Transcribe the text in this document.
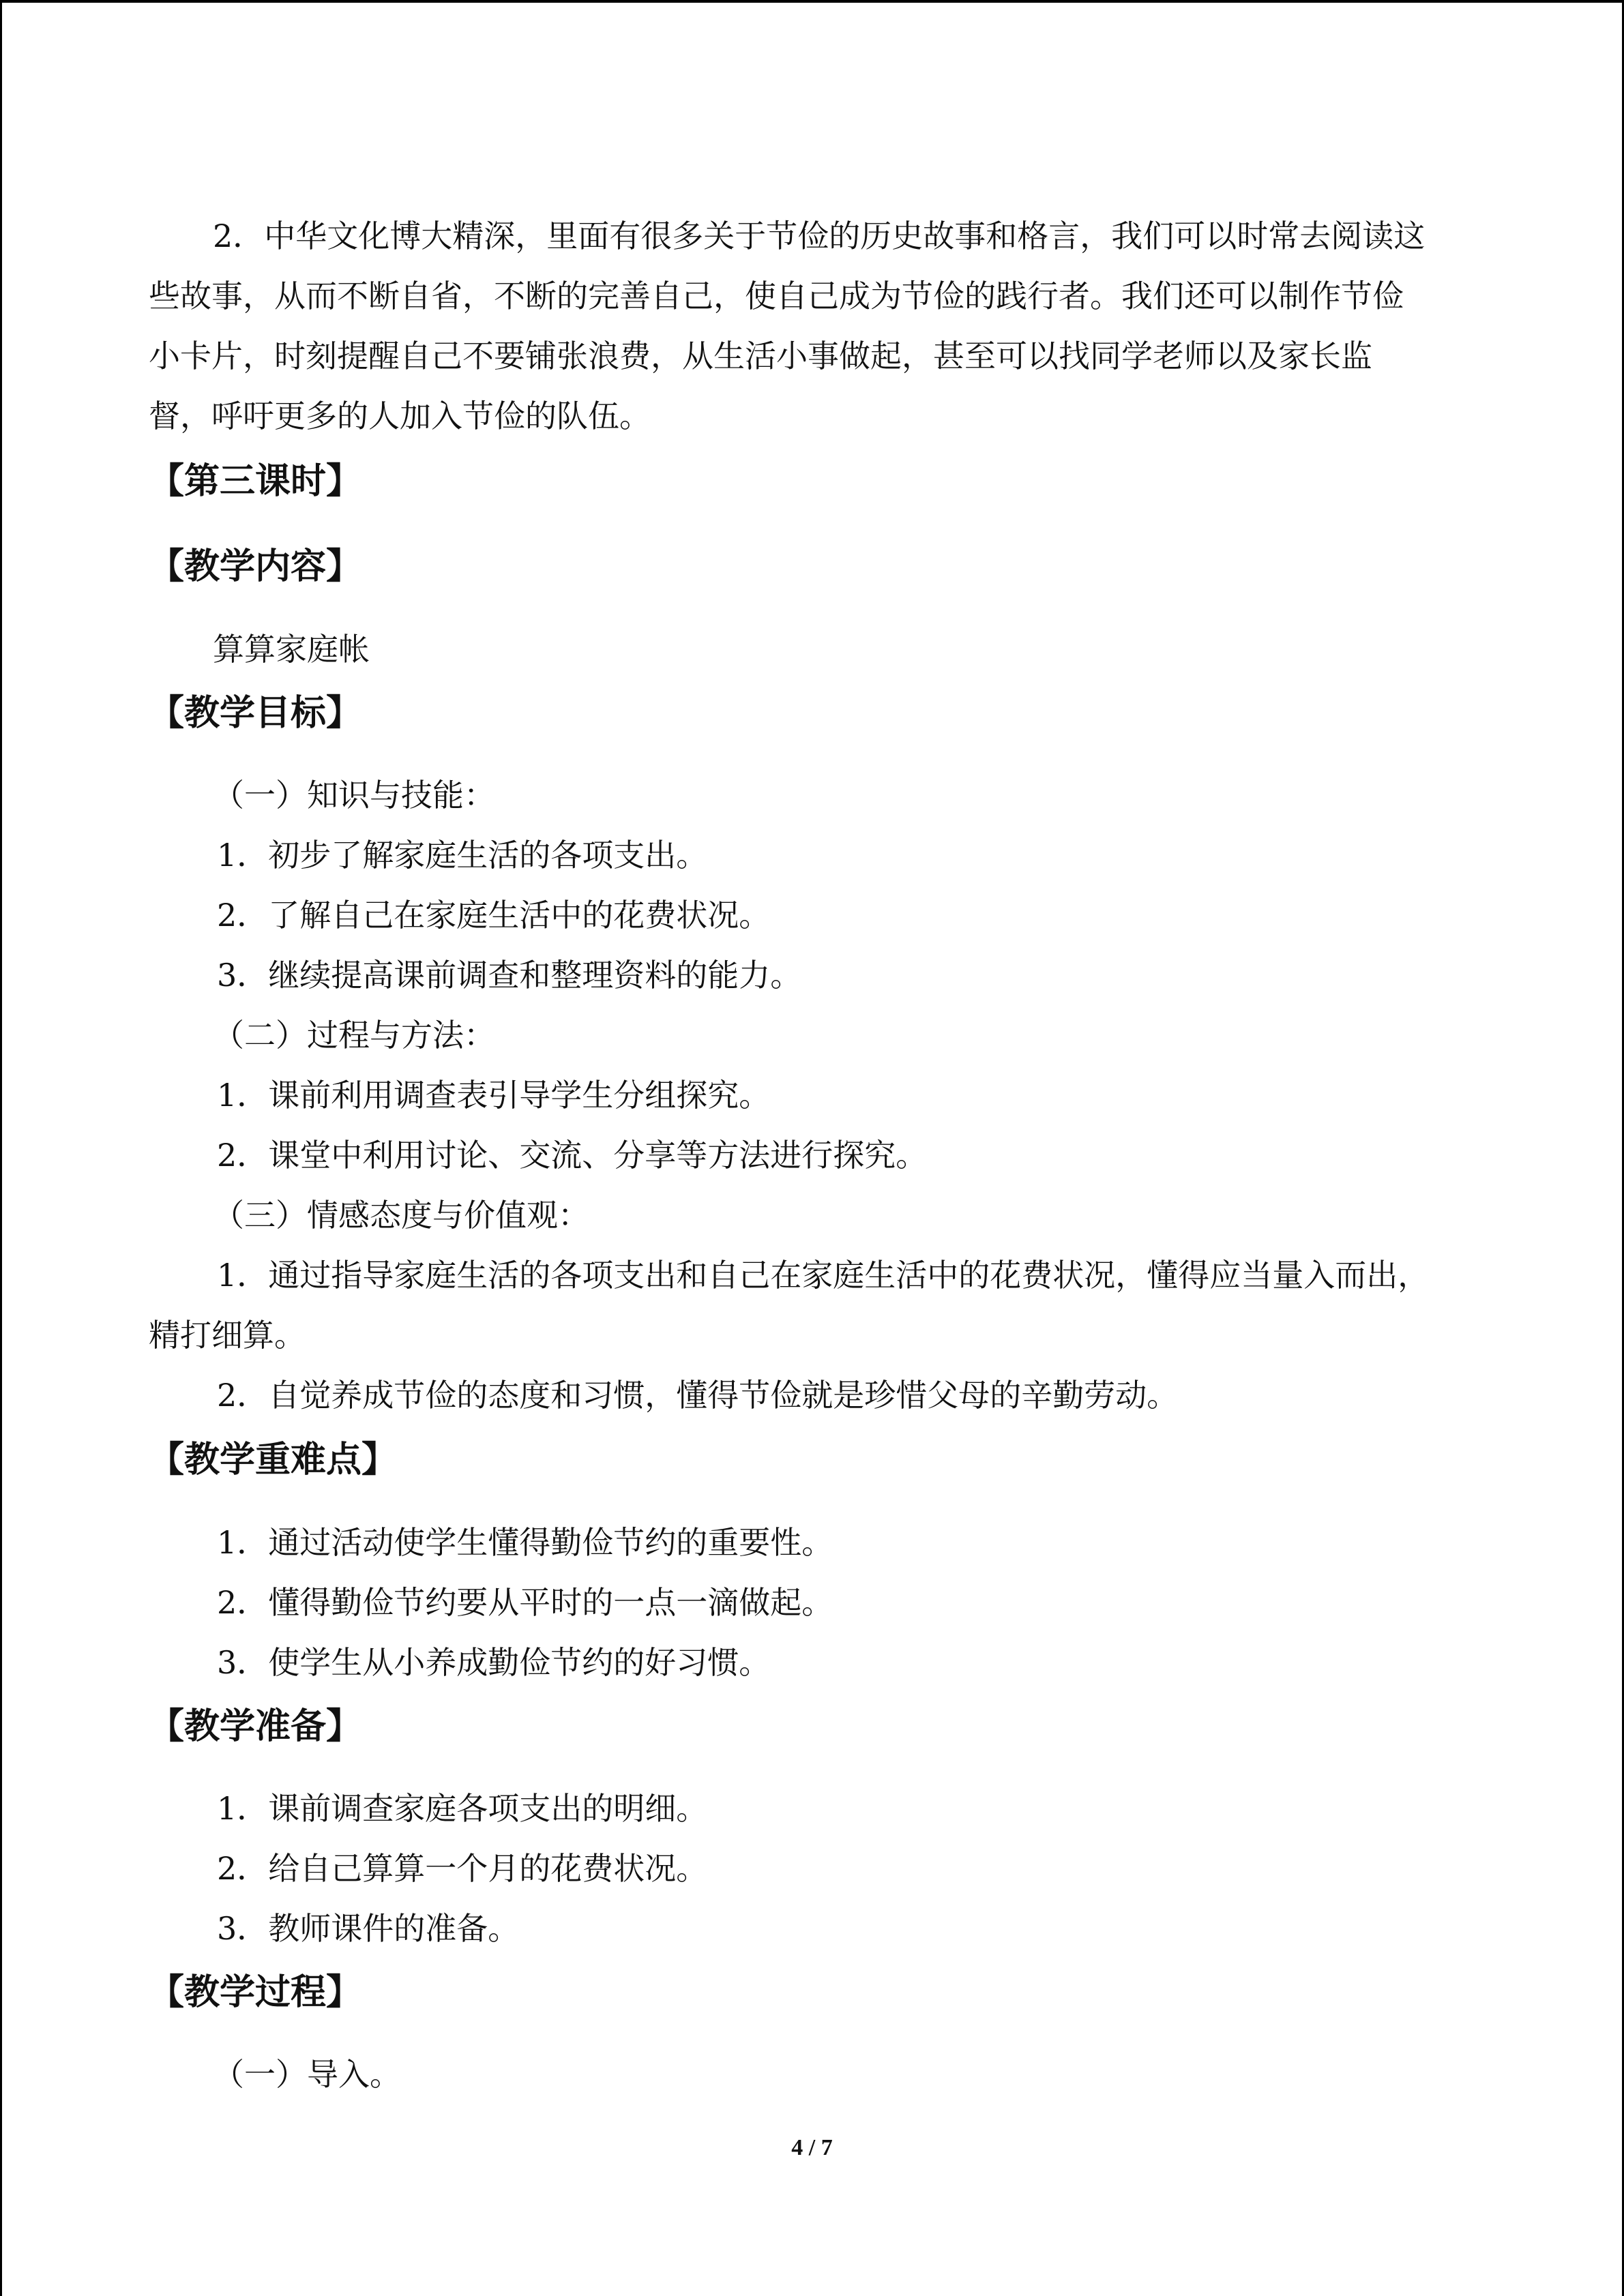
2．中华文化博大精深，里面有很多关于节俭的历史故事和格言，我们可以时常去阅读这
些故事，从而不断自省，不断的完善自己，使自己成为节俭的践行者。我们还可以制作节俭
小卡片，时刻提醒自己不要铺张浪费，从生活小事做起，甚至可以找同学老师以及家长监
督，呼吁更多的人加入节俭的队伍。
【第三课时】
【教学内容】
算算家庭帐
【教学目标】
（一）知识与技能：
1．初步了解家庭生活的各项支出。
2．了解自己在家庭生活中的花费状况。
3．继续提高课前调查和整理资料的能力。
（二）过程与方法：
1．课前利用调查表引导学生分组探究。
2．课堂中利用讨论、交流、分享等方法进行探究。
（三）情感态度与价值观：
1．通过指导家庭生活的各项支出和自己在家庭生活中的花费状况，懂得应当量入而出，
精打细算。
2．自觉养成节俭的态度和习惯，懂得节俭就是珍惜父母的辛勤劳动。
【教学重难点】
1．通过活动使学生懂得勤俭节约的重要性。
2．懂得勤俭节约要从平时的一点一滴做起。
3．使学生从小养成勤俭节约的好习惯。
【教学准备】
1．课前调查家庭各项支出的明细。
2．给自己算算一个月的花费状况。
3．教师课件的准备。
【教学过程】
（一）导入。
4 / 7
